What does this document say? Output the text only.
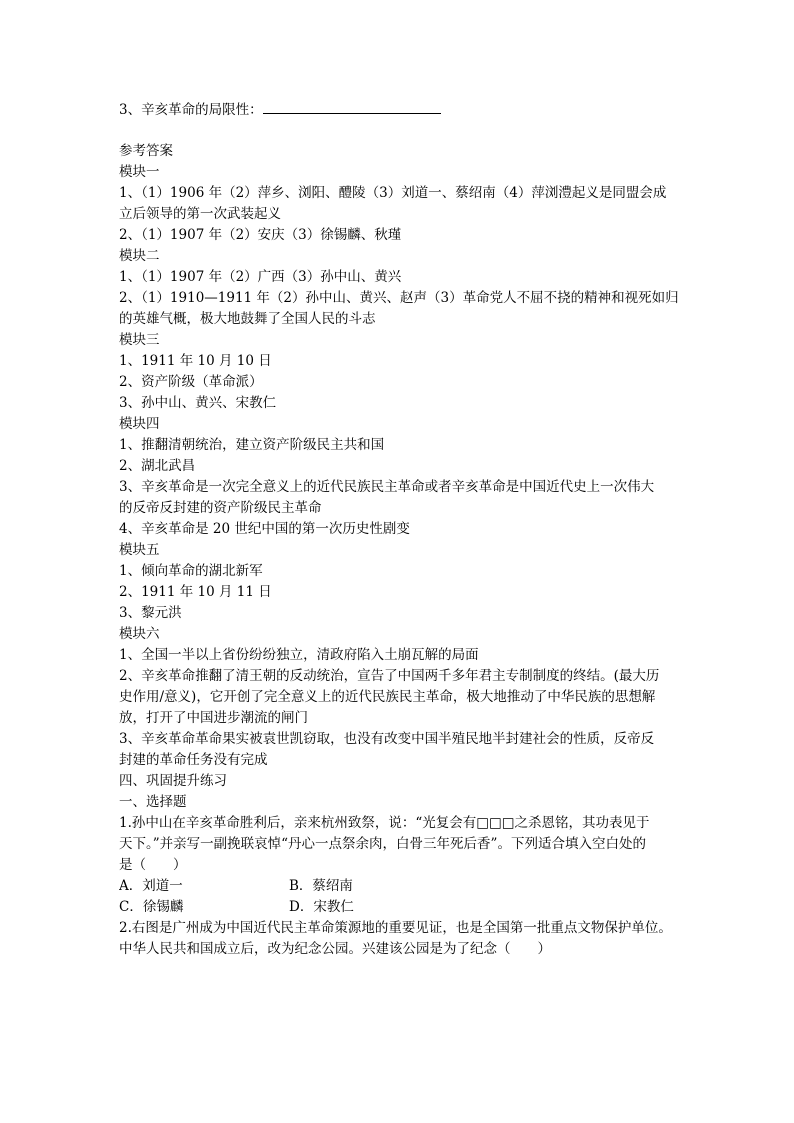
3、辛亥革命的局限性：
参考答案
模块一
1、（1）1906 年（2）萍乡、浏阳、醴陵（3）刘道一、蔡绍南（4）萍浏澧起义是同盟会成
立后领导的第一次武装起义
2、（1）1907 年（2）安庆（3）徐锡麟、秋瑾
模块二
1、（1）1907 年（2）广西（3）孙中山、黄兴
2、（1）1910—1911 年（2）孙中山、黄兴、赵声（3）革命党人不屈不挠的精神和视死如归
的英雄气概，极大地鼓舞了全国人民的斗志
模块三
1、1911 年 10 月 10 日
2、资产阶级（革命派）
3、孙中山、黄兴、宋教仁
模块四
1、推翻清朝统治，建立资产阶级民主共和国
2、湖北武昌
3、辛亥革命是一次完全意义上的近代民族民主革命或者辛亥革命是中国近代史上一次伟大
的反帝反封建的资产阶级民主革命
4、辛亥革命是 20 世纪中国的第一次历史性剧变
模块五
1、倾向革命的湖北新军
2、1911 年 10 月 11 日
3、黎元洪
模块六
1、全国一半以上省份纷纷独立，清政府陷入土崩瓦解的局面
2、辛亥革命推翻了清王朝的反动统治，宣告了中国两千多年君主专制制度的终结。(最大历
史作用/意义)，它开创了完全意义上的近代民族民主革命，极大地推动了中华民族的思想解
放，打开了中国进步潮流的闸门
3、辛亥革命革命果实被袁世凯窃取，也没有改变中国半殖民地半封建社会的性质，反帝反
封建的革命任务没有完成
四、巩固提升练习
一、选择题
1.孙中山在辛亥革命胜利后，亲来杭州致祭，说：“光复会有□□□之杀恩铭，其功表见于
天下。”并亲写一副挽联哀悼“丹心一点祭余肉，白骨三年死后香”。下列适合填入空白处的
是（　　）
A．刘道一	B．蔡绍南
C．徐锡麟	D．宋教仁
2.右图是广州成为中国近代民主革命策源地的重要见证，也是全国第一批重点文物保护单位。
中华人民共和国成立后，改为纪念公园。兴建该公园是为了纪念（　　）
